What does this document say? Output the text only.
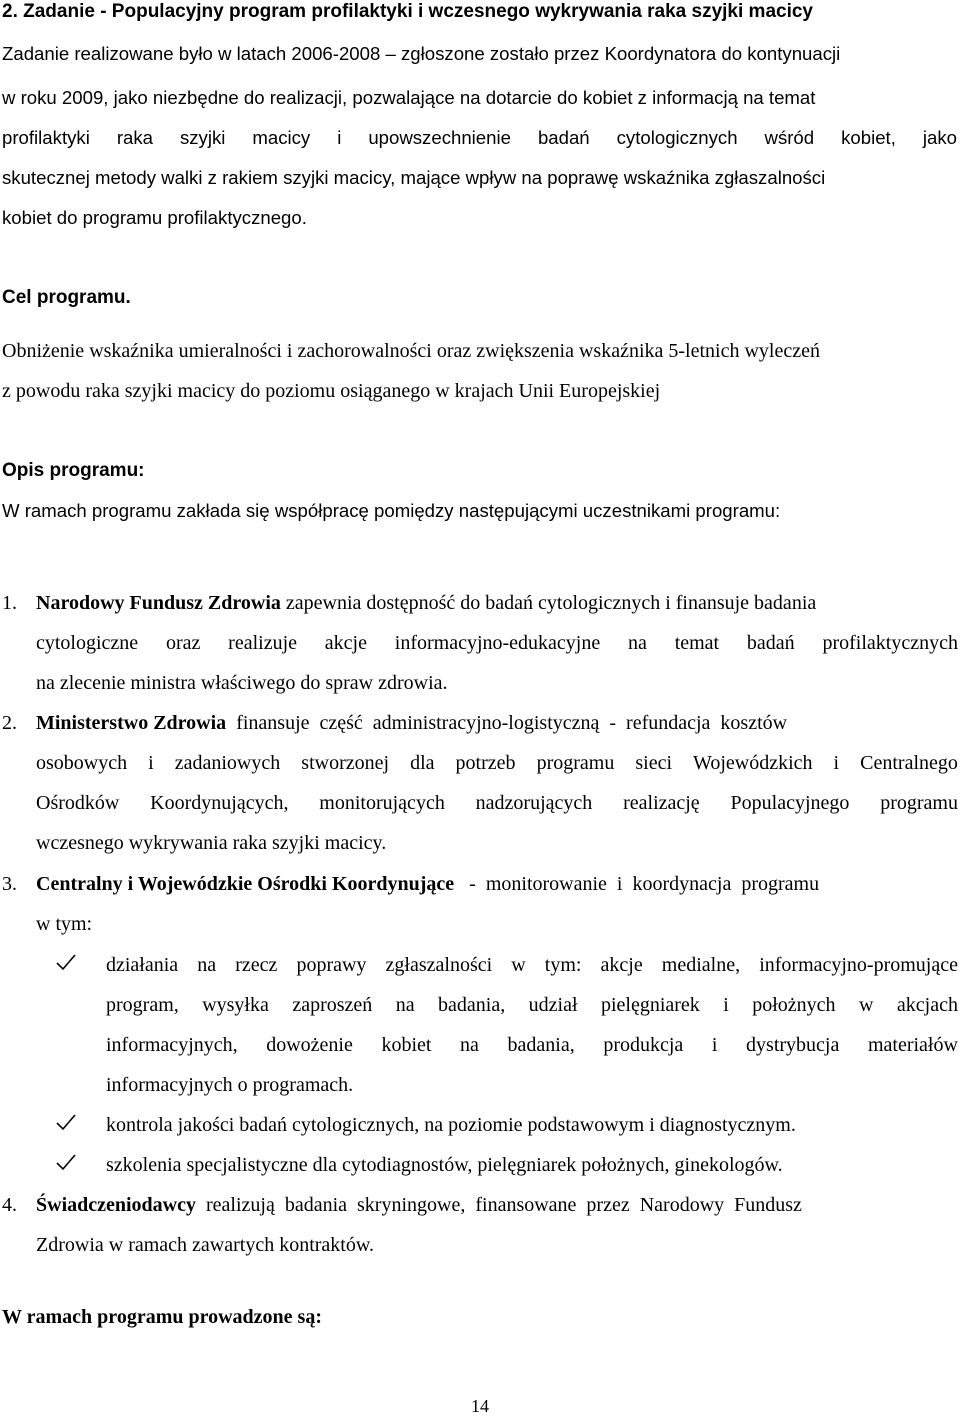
2. Zadanie - Populacyjny program profilaktyki i wczesnego wykrywania raka szyjki macicy
Zadanie realizowane było w latach 2006-2008 – zgłoszone zostało przez Koordynatora do kontynuacji
w roku 2009, jako niezbędne do realizacji, pozwalające na dotarcie do kobiet z informacją na temat
profilaktyki raka szyjki macicy i upowszechnienie badań cytologicznych wśród kobiet, jako
skutecznej metody walki z rakiem szyjki macicy, mające wpływ na poprawę wskaźnika zgłaszalności
kobiet do programu profilaktycznego.
Cel programu.
Obniżenie wskaźnika umieralności i zachorowalności oraz zwiększenia wskaźnika 5-letnich wyleczeń
z powodu raka szyjki macicy do poziomu osiąganego w krajach Unii Europejskiej
Opis programu:
W ramach programu zakłada się współpracę pomiędzy następującymi uczestnikami programu:
1. Narodowy Fundusz Zdrowia zapewnia dostępność do badań cytologicznych i finansuje badania
cytologiczne oraz realizuje akcje informacyjno-edukacyjne na temat badań profilaktycznych
na zlecenie ministra właściwego do spraw zdrowia.
2. Ministerstwo Zdrowia  finansuje  część  administracyjno-logistyczną  -  refundacja  kosztów
osobowych i zadaniowych stworzonej dla potrzeb programu sieci Wojewódzkich i Centralnego
Ośrodków Koordynujących, monitorujących nadzorujących realizację Populacyjnego programu
wczesnego wykrywania raka szyjki macicy.
3. Centralny i Wojewódzkie Ośrodki Koordynujące   -  monitorowanie  i  koordynacja  programu
w tym:
działania na rzecz poprawy zgłaszalności w tym: akcje medialne, informacyjno-promujące
program, wysyłka zaproszeń na badania, udział pielęgniarek i położnych w akcjach
informacyjnych, dowożenie kobiet na badania, produkcja i dystrybucja materiałów
informacyjnych o programach.
kontrola jakości badań cytologicznych, na poziomie podstawowym i diagnostycznym.
szkolenia specjalistyczne dla cytodiagnostów, pielęgniarek położnych, ginekologów.
4. Świadczeniodawcy  realizują  badania  skryningowe,  finansowane  przez  Narodowy  Fundusz
Zdrowia w ramach zawartych kontraktów.
W ramach programu prowadzone są:
14
